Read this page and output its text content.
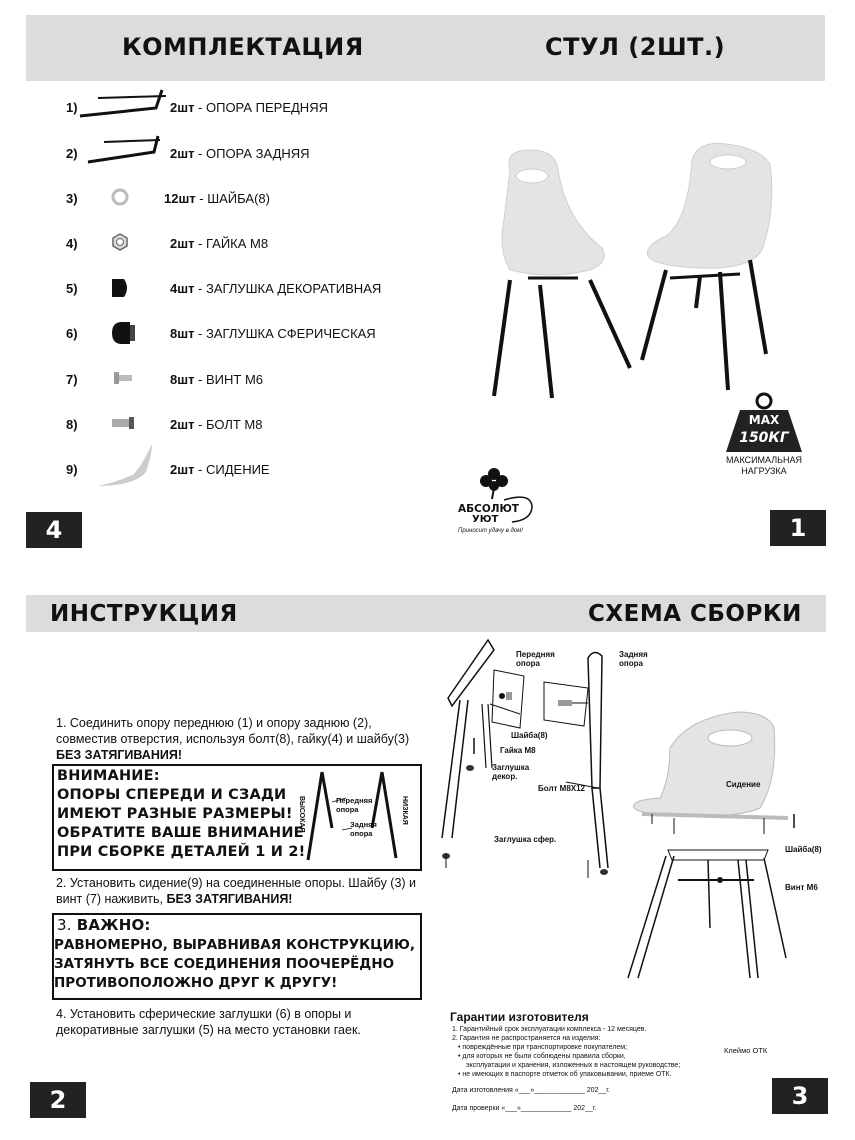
КОМПЛЕКТАЦИЯ	СТУЛ (2ШТ.)
1)	2шт - ОПОРА ПЕРЕДНЯЯ
2)	2шт - ОПОРА ЗАДНЯЯ
3)	12шт - ШАЙБА(8)
4)	2шт - ГАЙКА М8
5)	4шт - ЗАГЛУШКА ДЕКОРАТИВНАЯ
6)	8шт - ЗАГЛУШКА СФЕРИЧЕСКАЯ
7)	8шт - ВИНТ М6
8)	2шт - БОЛТ М8
9)	2шт - СИДЕНИЕ
4
MAX
150КГ
МАКСИМАЛЬНАЯ
НАГРУЗКА
АБСОЛЮТ
УЮТ
Приносит удачу в дом!	1
ИНСТРУКЦИЯ	СХЕМА СБОРКИ
1. Соединить опору переднюю (1) и опору заднюю (2),
совместив отверстия, используя болт(8), гайку(4) и шайбу(3)
БЕЗ ЗАТЯГИВАНИЯ!
ВНИМАНИЕ:
ОПОРЫ СПЕРЕДИ И СЗАДИ
ИМЕЮТ РАЗНЫЕ РАЗМЕРЫ!
ОБРАТИТЕ ВАШЕ ВНИМАНИЕ
ПРИ СБОРКЕ ДЕТАЛЕЙ 1 И 2!
ВЫСОКАЯ	НИЗКАЯ
Передняя
опора
Задняя
опора
2. Установить сидение(9) на соединенные опоры. Шайбу (3) и
винт (7) наживить, БЕЗ ЗАТЯГИВАНИЯ!
3. ВАЖНО:
РАВНОМЕРНО, ВЫРАВНИВАЯ КОНСТРУКЦИЮ,
ЗАТЯНУТЬ ВСЕ СОЕДИНЕНИЯ ПООЧЕРЁДНО
ПРОТИВОПОЛОЖНО ДРУГ К ДРУГУ!
4. Установить сферические заглушки (6) в опоры и
декоративные заглушки (5) на место установки гаек.
2
Передняя
опора
Задняя
опора
Шайба(8)
Гайка М8
Заглушка
декор.
Болт М8Х12	Сидение
Заглушка сфер.
Шайба(8)
Винт М6
Гарантии изготовителя
1. Гарантийный срок эксплуатации комплекса - 12 месяцев.
2. Гарантия не распространяется на изделия:
• повреждённые при транспортировке покупателем;
• для которых не были соблюдены правила сборки,
эксплуатации и хранения, изложенных в настоящем руководстве;
• не имеющих в паспорте отметок об упаковывании, приеме ОТК.
Клеймо ОТК
Дата изготовления «___»_____________ 202__г.
Дата проверки «___»_____________ 202__г.	3
